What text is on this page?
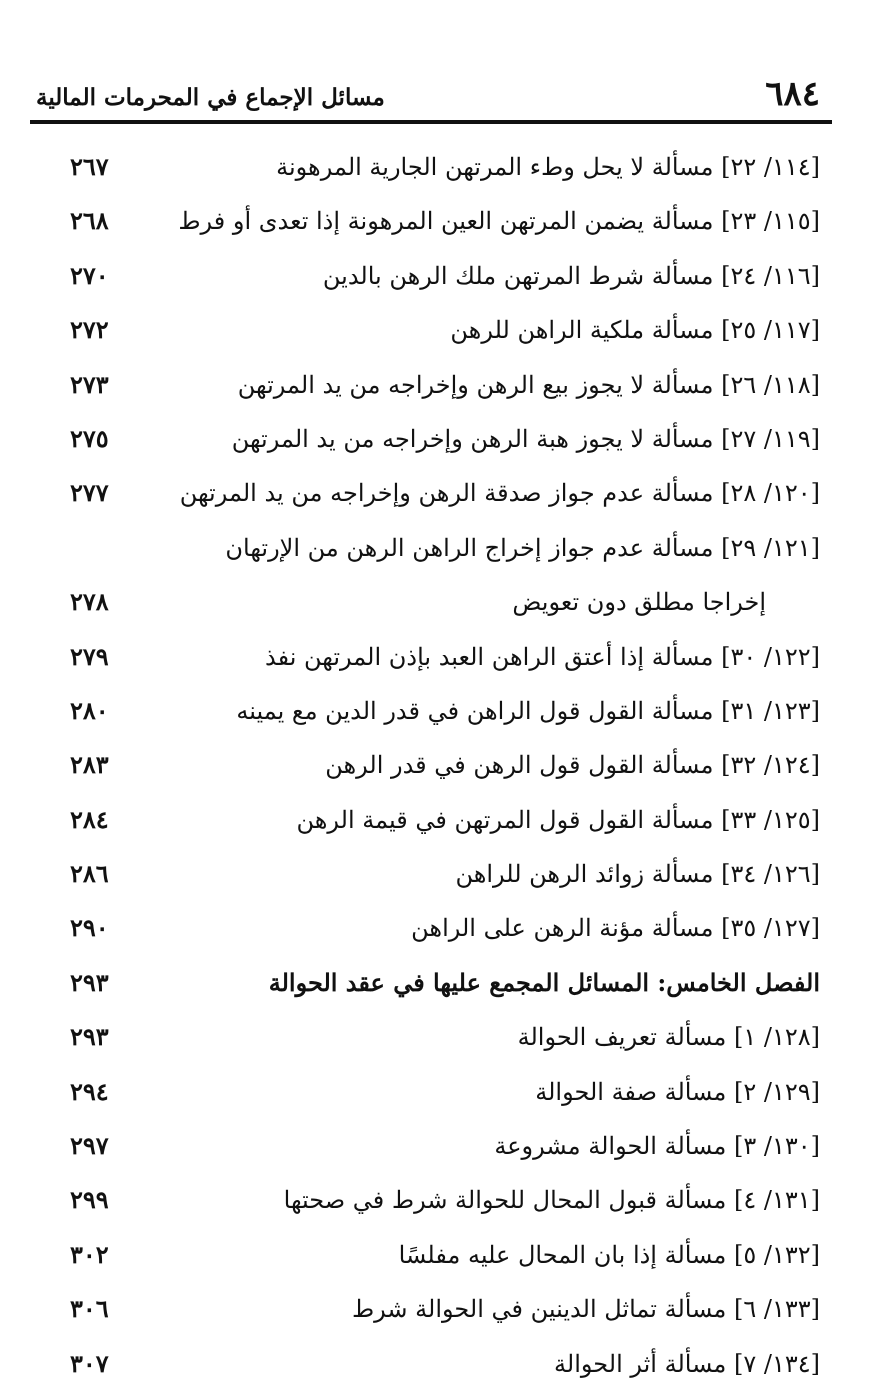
٦٨٤
مسائل الإجماع في المحرمات المالية
[١١٤/ ٢٢] مسألة لا يحل وطء المرتهن الجارية المرهونة
٢٦٧
[١١٥/ ٢٣] مسألة يضمن المرتهن العين المرهونة إذا تعدى أو فرط
٢٦٨
[١١٦/ ٢٤] مسألة شرط المرتهن ملك الرهن بالدين
٢٧٠
[١١٧/ ٢٥] مسألة ملكية الراهن للرهن
٢٧٢
[١١٨/ ٢٦] مسألة لا يجوز بيع الرهن وإخراجه من يد المرتهن
٢٧٣
[١١٩/ ٢٧] مسألة لا يجوز هبة الرهن وإخراجه من يد المرتهن
٢٧٥
[١٢٠/ ٢٨] مسألة عدم جواز صدقة الرهن وإخراجه من يد المرتهن
٢٧٧
[١٢١/ ٢٩] مسألة عدم جواز إخراج الراهن الرهن من الإرتهان
إخراجا مطلق دون تعويض
٢٧٨
[١٢٢/ ٣٠] مسألة إذا أعتق الراهن العبد بإذن المرتهن نفذ
٢٧٩
[١٢٣/ ٣١] مسألة القول قول الراهن في قدر الدين مع يمينه
٢٨٠
[١٢٤/ ٣٢] مسألة القول قول الرهن في قدر الرهن
٢٨٣
[١٢٥/ ٣٣] مسألة القول قول المرتهن في قيمة الرهن
٢٨٤
[١٢٦/ ٣٤] مسألة زوائد الرهن للراهن
٢٨٦
[١٢٧/ ٣٥] مسألة مؤنة الرهن على الراهن
٢٩٠
الفصل الخامس: المسائل المجمع عليها في عقد الحوالة
٢٩٣
[١٢٨/ ١] مسألة تعريف الحوالة
٢٩٣
[١٢٩/ ٢] مسألة صفة الحوالة
٢٩٤
[١٣٠/ ٣] مسألة الحوالة مشروعة
٢٩٧
[١٣١/ ٤] مسألة قبول المحال للحوالة شرط في صحتها
٢٩٩
[١٣٢/ ٥] مسألة إذا بان المحال عليه مفلسًا
٣٠٢
[١٣٣/ ٦] مسألة تماثل الدينين في الحوالة شرط
٣٠٦
[١٣٤/ ٧] مسألة أثر الحوالة
٣٠٧
